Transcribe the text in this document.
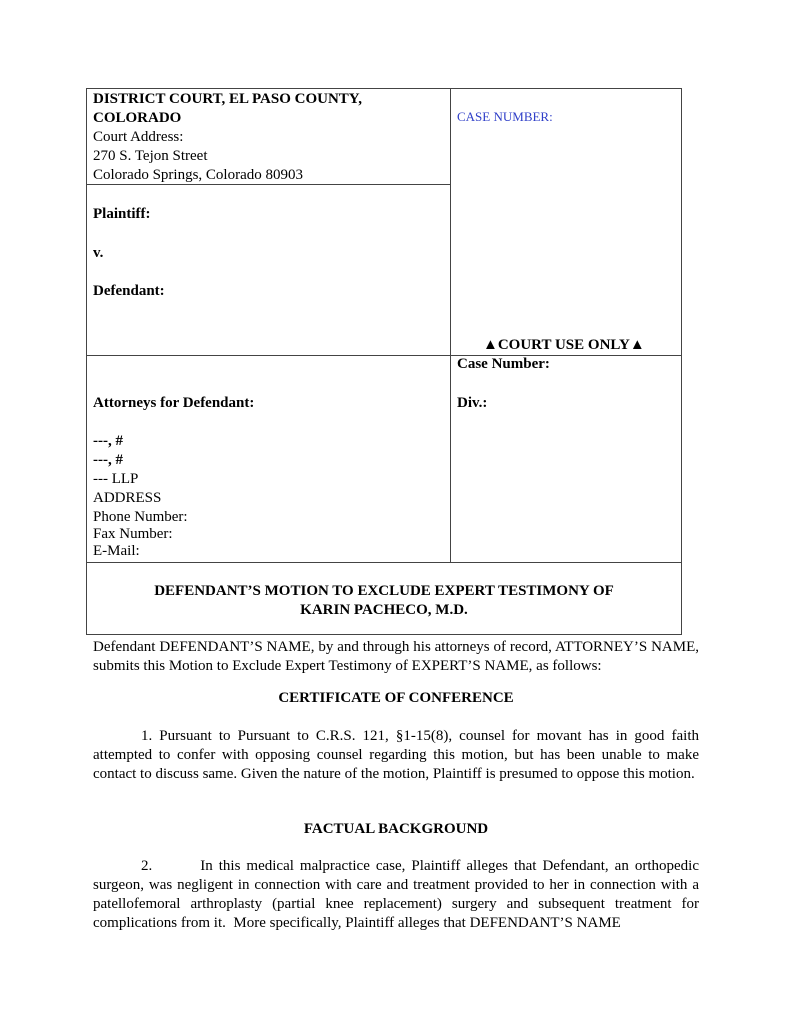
DISTRICT COURT, EL PASO COUNTY,
COLORADO
Court Address:
270 S. Tejon Street
Colorado Springs, Colorado 80903
Plaintiff:
v.
Defendant:
CASE NUMBER:
▲COURT USE ONLY▲
Attorneys for Defendant:
---, #
---, #
--- LLP
ADDRESS
Phone Number:
Fax Number:
E-Mail:
Case Number:
Div.:
DEFENDANT’S MOTION TO EXCLUDE EXPERT TESTIMONY OF
KARIN PACHECO, M.D.
Defendant DEFENDANT’S NAME, by and through his attorneys of record, ATTORNEY’S NAME, submits this Motion to Exclude Expert Testimony of EXPERT’S NAME, as follows:
CERTIFICATE OF CONFERENCE
1. Pursuant to Pursuant to C.R.S. 121, §1-15(8), counsel for movant has in good faith attempted to confer with opposing counsel regarding this motion, but has been unable to make contact to discuss same. Given the nature of the motion, Plaintiff is presumed to oppose this motion.
FACTUAL BACKGROUND
2.        In this medical malpractice case, Plaintiff alleges that Defendant, an orthopedic surgeon, was negligent in connection with care and treatment provided to her in connection with a patellofemoral arthroplasty (partial knee replacement) surgery and subsequent treatment for complications from it.  More specifically, Plaintiff alleges that DEFENDANT’S NAME
